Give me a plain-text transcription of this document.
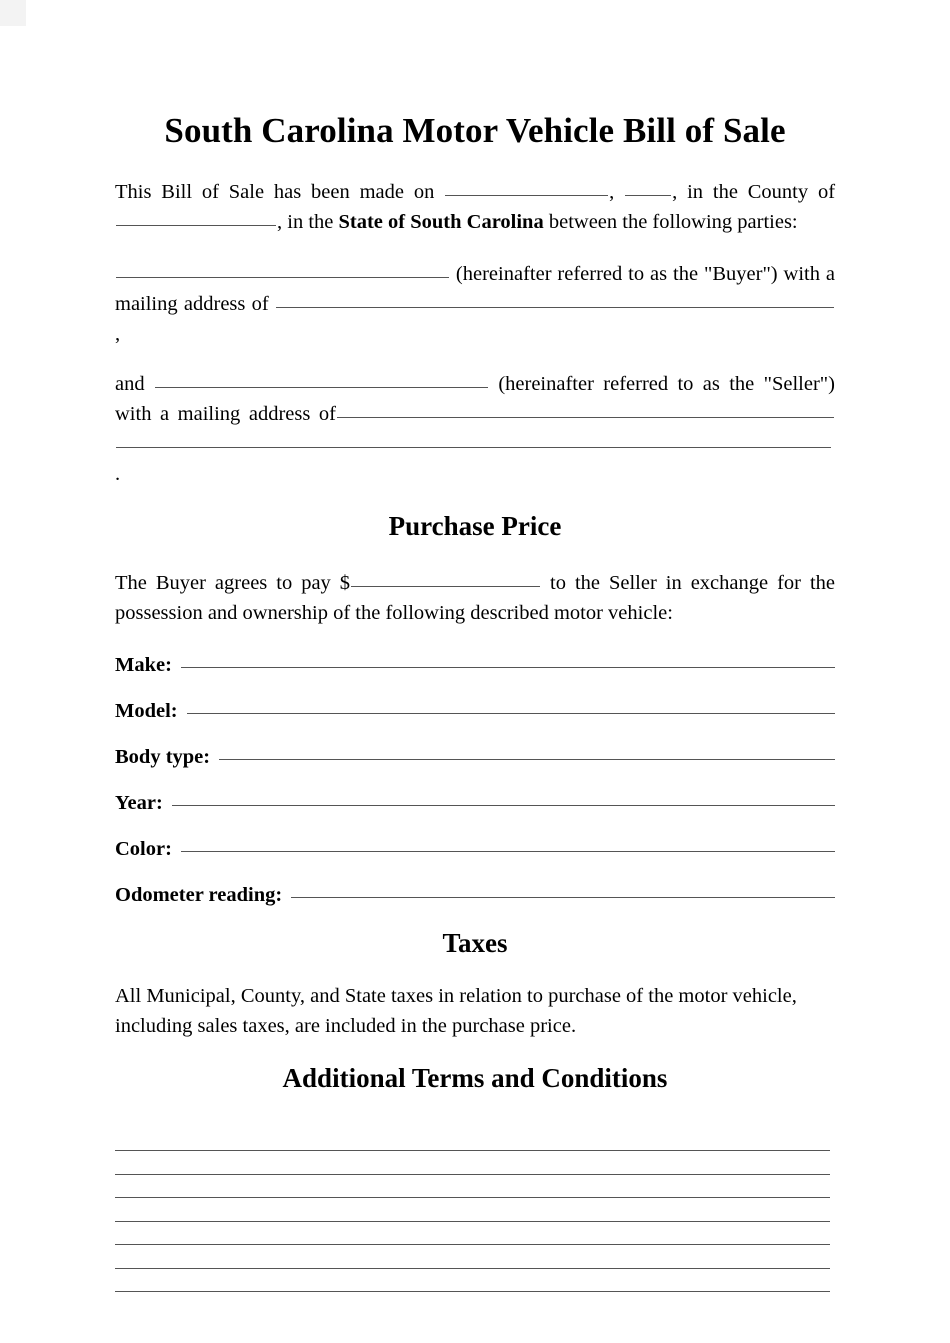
South Carolina Motor Vehicle Bill of Sale

This Bill of Sale has been made on	,	, in the County of , in the State of South Carolina between the following parties:

(hereinafter referred to as the "Buyer") with a mailing address of ,

and	(hereinafter referred to as the "Seller") with a mailing address of .

Purchase Price

The Buyer agrees to pay $	to the Seller in exchange for the possession and ownership of the following described motor vehicle:

Make:
Model:
Body type:
Year:
Color:
Odometer reading:
Taxes

All Municipal, County, and State taxes in relation to purchase of the motor vehicle, including sales taxes, are included in the purchase price.

Additional Terms and Conditions
